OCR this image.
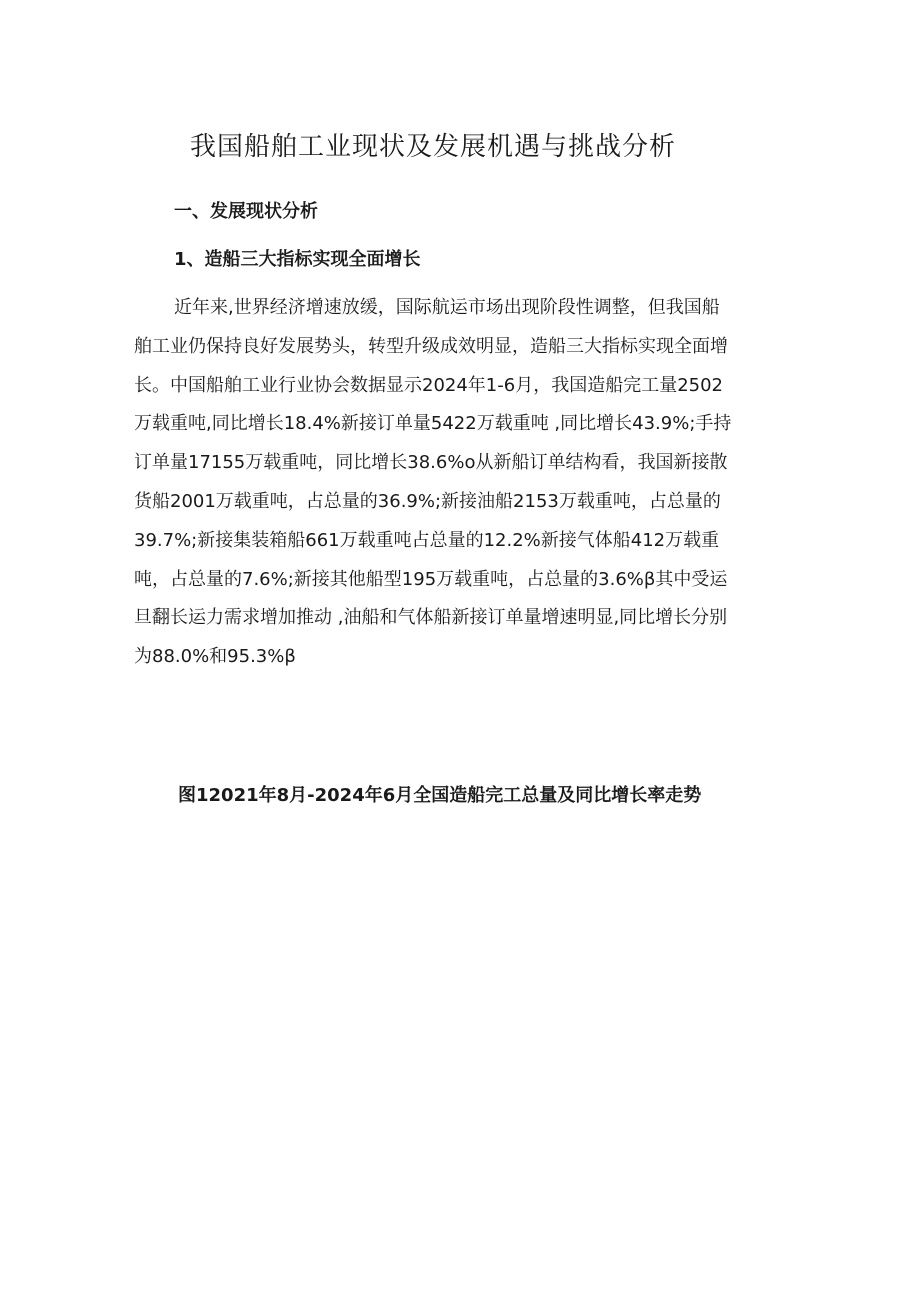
我国船舶工业现状及发展机遇与挑战分析
一、发展现状分析
1、造船三大指标实现全面增长

近年来,世界经济增速放缓，国际航运市场出现阶段性调整，但我国船
舶工业仍保持良好发展势头，转型升级成效明显，造船三大指标实现全面增
长。中国船舶工业行业协会数据显示2024年1-6月，我国造船完工量2502
万载重吨,同比增长18.4%新接订单量5422万载重吨 ,同比增长43.9%;手持
订单量17155万载重吨，同比增长38.6%o从新船订单结构看，我国新接散
货船2001万载重吨，占总量的36.9%;新接油船2153万载重吨，占总量的
39.7%;新接集装箱船661万载重吨占总量的12.2%新接气体船412万载重
吨，占总量的7.6%;新接其他船型195万载重吨，占总量的3.6%β其中受运
旦翻长运力需求增加推动 ,油船和气体船新接订单量增速明显,同比增长分别
为88.0%和95.3%β

图12021年8月-2024年6月全国造船完工总量及同比增长率走势
